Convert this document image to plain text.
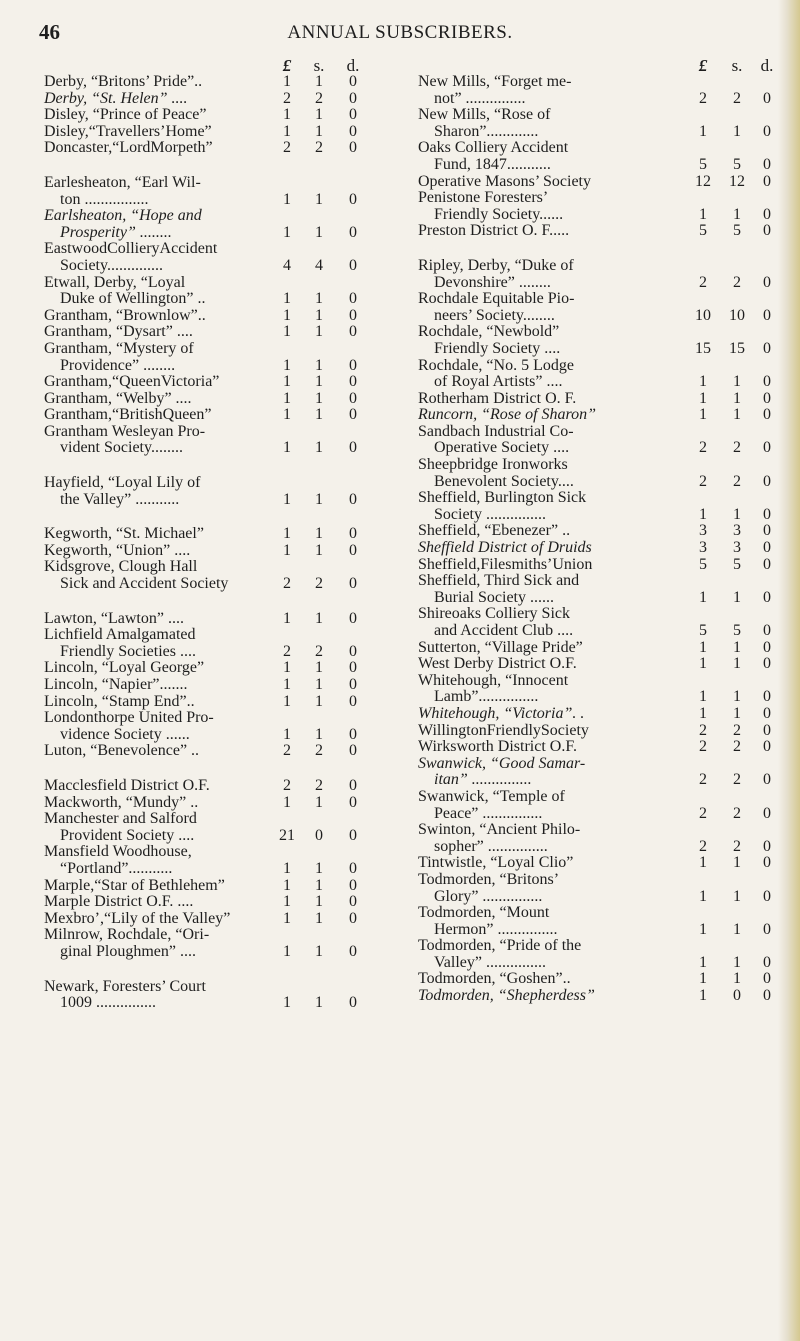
46	ANNUAL SUBSCRIBERS.
£	s.	d.
Derby, “Britons’ Pride”..	1	1	0
Derby, “St. Helen” ....	2	2	0
Disley, “Prince of Peace”	1	1	0
Disley,“Travellers’Home”	1	1	0
Doncaster,“LordMorpeth”	2	2	0
Earlesheaton, “Earl Wil-
ton ................	1	1	0
Earlsheaton, “Hope and
Prosperity” ........	1	1	0
EastwoodCollieryAccident
Society..............	4	4	0
Etwall, Derby, “Loyal
Duke of Wellington” ..	1	1	0
Grantham, “Brownlow”..	1	1	0
Grantham, “Dysart” ....	1	1	0
Grantham, “Mystery of
Providence” ........	1	1	0
Grantham,“QueenVictoria”	1	1	0
Grantham, “Welby” ....	1	1	0
Grantham,“BritishQueen”	1	1	0
Grantham Wesleyan Pro-
vident Society........	1	1	0
Hayfield, “Loyal Lily of
the Valley” ...........	1	1	0
Kegworth, “St. Michael”	1	1	0
Kegworth, “Union” ....	1	1	0
Kidsgrove, Clough Hall
Sick and Accident Society	2	2	0
Lawton, “Lawton” ....	1	1	0
Lichfield Amalgamated
Friendly Societies ....	2	2	0
Lincoln, “Loyal George”	1	1	0
Lincoln, “Napier”.......	1	1	0
Lincoln, “Stamp End”..	1	1	0
Londonthorpe United Pro-
vidence Society ......	1	1	0
Luton, “Benevolence” ..	2	2	0
Macclesfield District O.F.	2	2	0
Mackworth, “Mundy” ..	1	1	0
Manchester and Salford
Provident Society ....	21	0	0
Mansfield Woodhouse,
“Portland”...........	1	1	0
Marple,“Star of Bethlehem”	1	1	0
Marple District O.F. ....	1	1	0
Mexbro’,“Lily of the Valley”	1	1	0
Milnrow, Rochdale, “Ori-
ginal Ploughmen” ....	1	1	0
Newark, Foresters’ Court
1009 ...............	1	1	0
£	s.	d.
New Mills, “Forget me-
not” ...............	2	2	0
New Mills, “Rose of
Sharon”.............	1	1	0
Oaks Colliery Accident
Fund, 1847...........	5	5	0
Operative Masons’ Society	12	12	0
Penistone Foresters’
Friendly Society......	1	1	0
Preston District O. F.....	5	5	0
Ripley, Derby, “Duke of
Devonshire” ........	2	2	0
Rochdale Equitable Pio-
neers’ Society........	10	10	0
Rochdale, “Newbold”
Friendly Society ....	15	15	0
Rochdale, “No. 5 Lodge
of Royal Artists” ....	1	1	0
Rotherham District O. F.	1	1	0
Runcorn, “Rose of Sharon”	1	1	0
Sandbach Industrial Co-
Operative Society ....	2	2	0
Sheepbridge Ironworks
Benevolent Society....	2	2	0
Sheffield, Burlington Sick
Society ...............	1	1	0
Sheffield, “Ebenezer” ..	3	3	0
Sheffield District of Druids	3	3	0
Sheffield,Filesmiths’Union	5	5	0
Sheffield, Third Sick and
Burial Society ......	1	1	0
Shireoaks Colliery Sick
and Accident Club ....	5	5	0
Sutterton, “Village Pride”	1	1	0
West Derby District O.F.	1	1	0
Whitehough, “Innocent
Lamb”...............	1	1	0
Whitehough, “Victoria”. .	1	1	0
WillingtonFriendlySociety	2	2	0
Wirksworth District O.F.	2	2	0
Swanwick, “Good Samar-
itan” ...............	2	2	0
Swanwick, “Temple of
Peace” ...............	2	2	0
Swinton, “Ancient Philo-
sopher” ...............	2	2	0
Tintwistle, “Loyal Clio”	1	1	0
Todmorden, “Britons’
Glory” ...............	1	1	0
Todmorden, “Mount
Hermon” ...............	1	1	0
Todmorden, “Pride of the
Valley” ...............	1	1	0
Todmorden, “Goshen”..	1	1	0
Todmorden, “Shepherdess”	1	0	0
